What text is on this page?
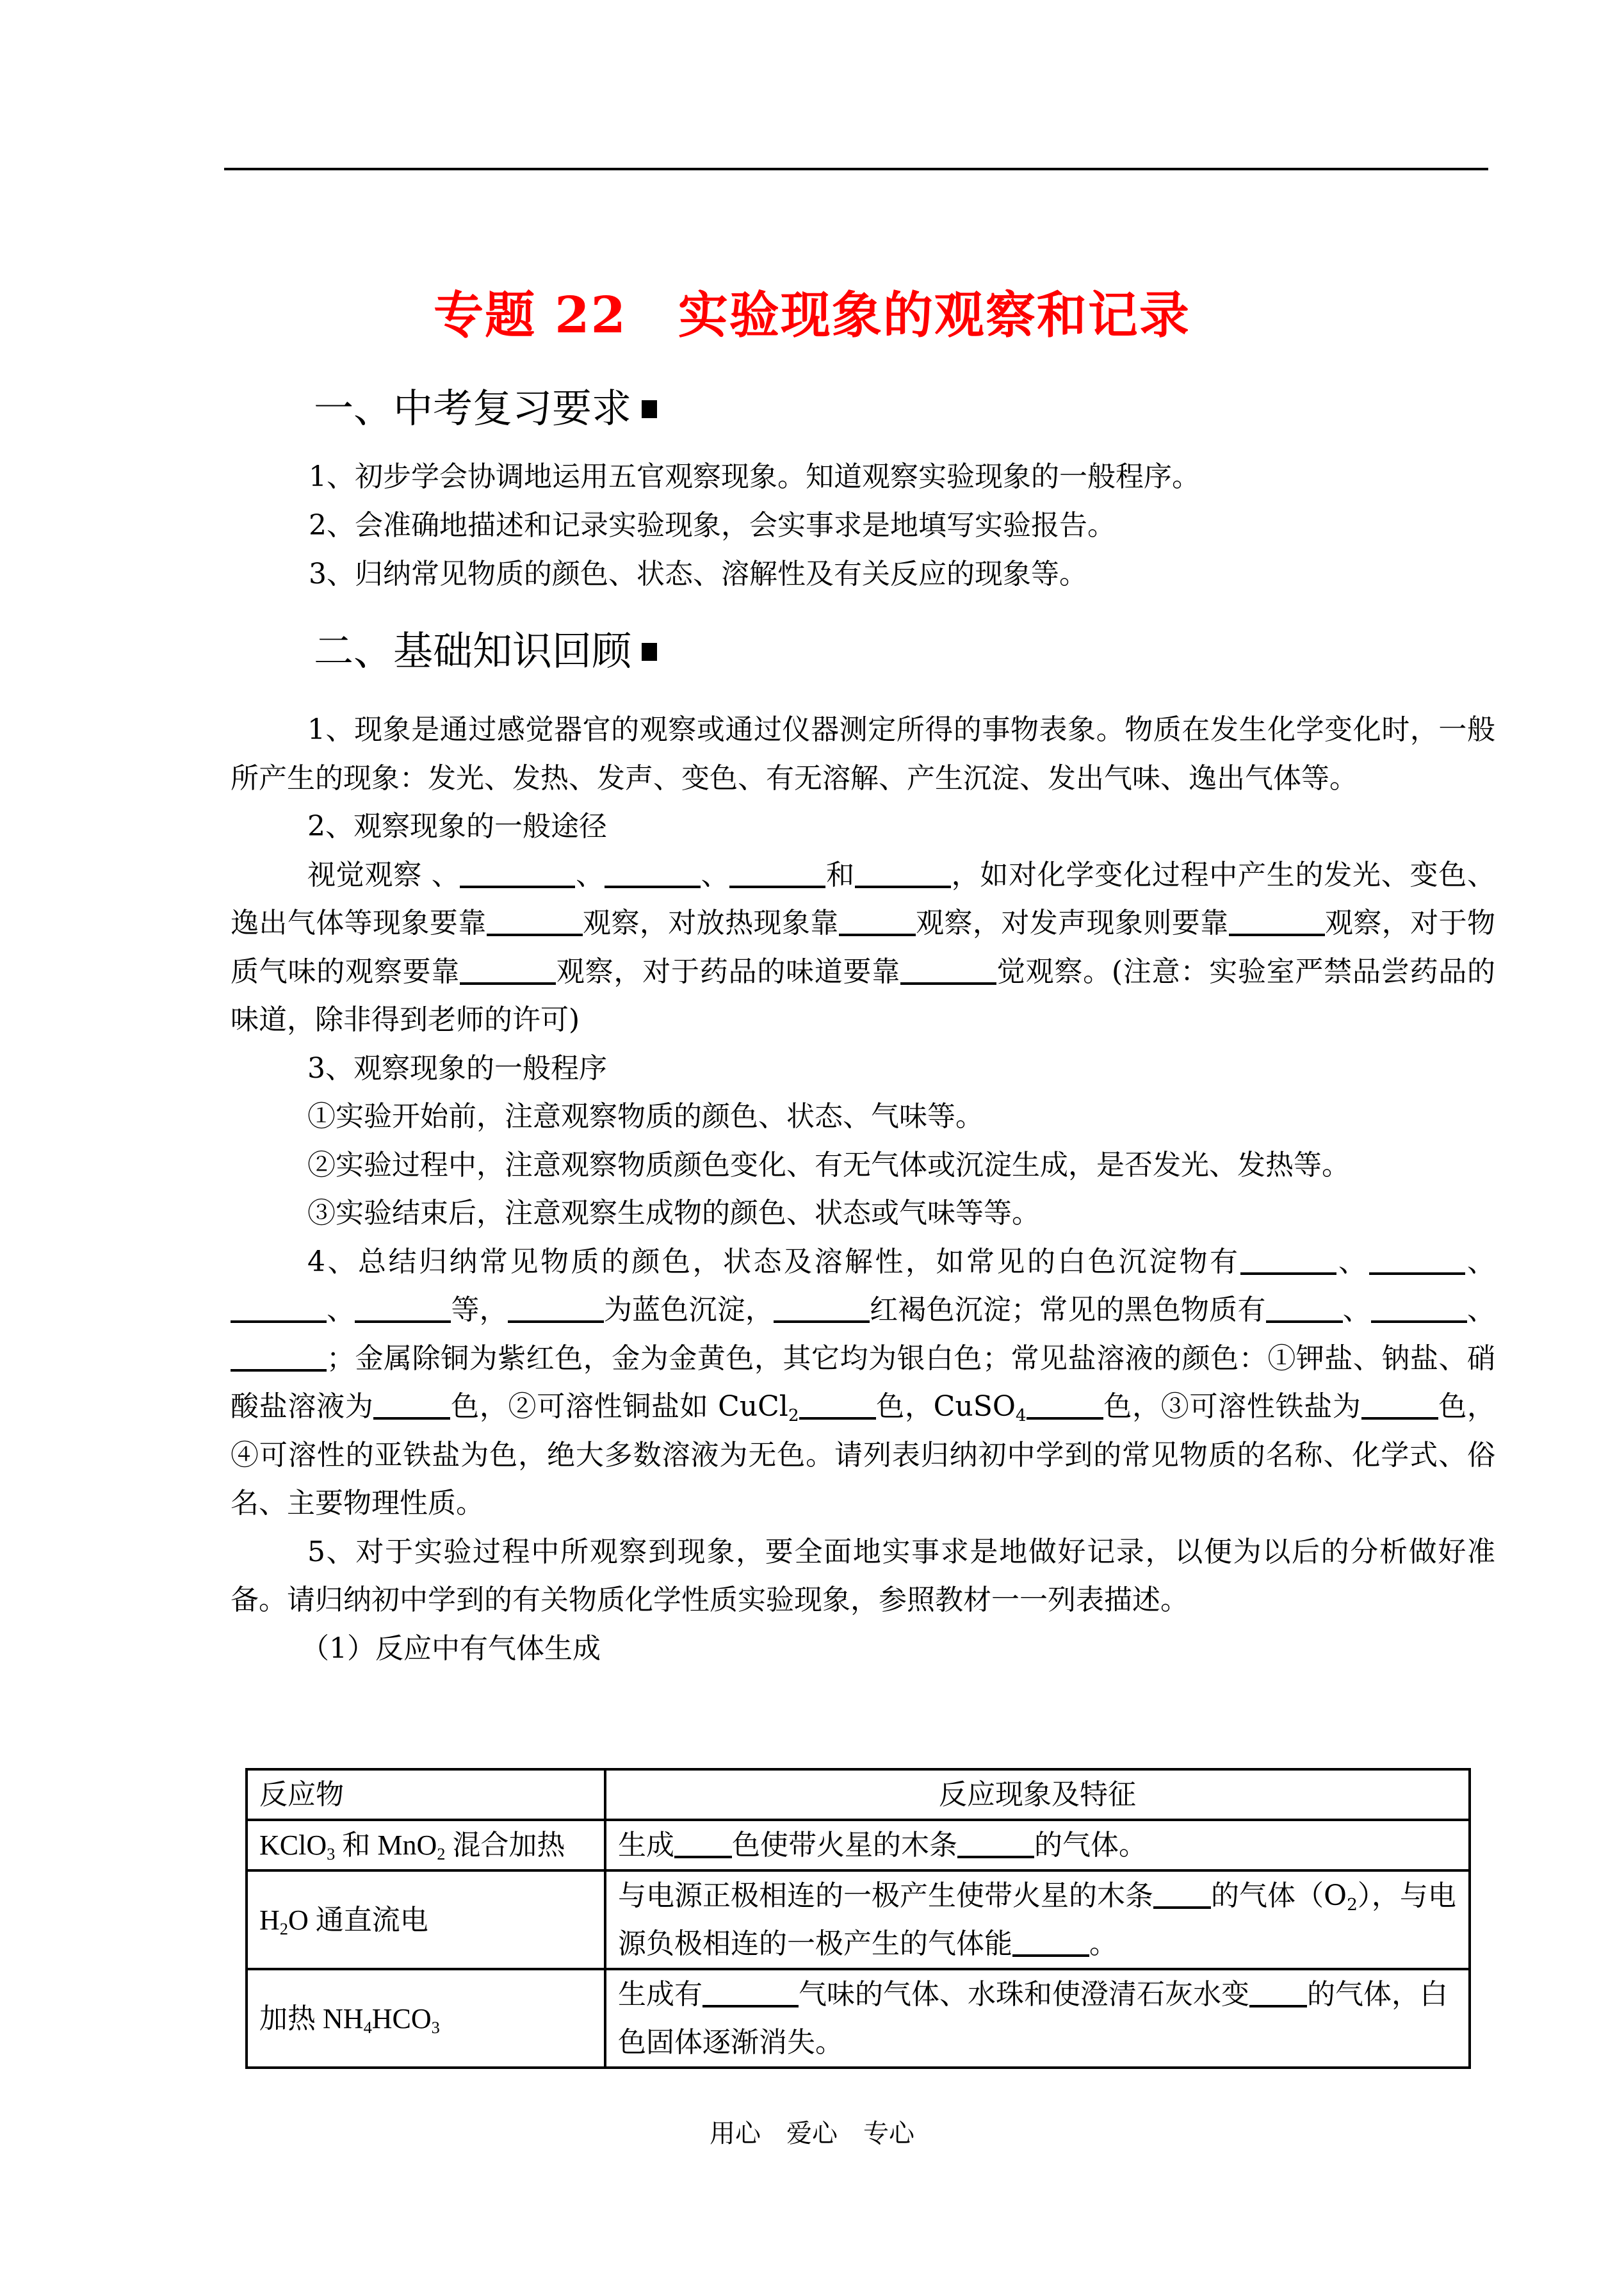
专题 22　实验现象的观察和记录
一、中考复习要求
1、初步学会协调地运用五官观察现象。知道观察实验现象的一般程序。
2、会准确地描述和记录实验现象，会实事求是地填写实验报告。
3、归纳常见物质的颜色、状态、溶解性及有关反应的现象等。
二、基础知识回顾

1、现象是通过感觉器官的观察或通过仪器测定所得的事物表象。物质在发生化学变化时，一般所产生的现象：发光、发热、发声、变色、有无溶解、产生沉淀、发出气味、逸出气体等。

2、观察现象的一般途径

视觉观察 、	、	、	和	，如对化学变化过程中产生的发光、变色、逸出气体等现象要靠	观察，对放热现象靠	观察，对发声现象则要靠	观察，对于物质气味的观察要靠	观察，对于药品的味道要靠	觉观察。(注意：实验室严禁品尝药品的味道，除非得到老师的许可)

3、观察现象的一般程序

①实验开始前，注意观察物质的颜色、状态、气味等。

②实验过程中，注意观察物质颜色变化、有无气体或沉淀生成，是否发光、发热等。

③实验结束后，注意观察生成物的颜色、状态或气味等等。

4、总结归纳常见物质的颜色，状态及溶解性，如常见的白色沉淀物有	、	、、	等，	为蓝色沉淀，	红褐色沉淀；常见的黑色物质有	、	、；金属除铜为紫红色，金为金黄色，其它均为银白色；常见盐溶液的颜色：①钾盐、钠盐、硝酸盐溶液为	色，②可溶性铜盐如 CuCl$_2$	色，CuSO$_4$	色，③可溶性铁盐为	色，④可溶性的亚铁盐为色，绝大多数溶液为无色。请列表归纳初中学到的常见物质的名称、化学式、俗名、主要物理性质。

5、对于实验过程中所观察到现象，要全面地实事求是地做好记录，以便为以后的分析做好准备。请归纳初中学到的有关物质化学性质实验现象，参照教材一一列表描述。

（1）反应中有气体生成

反应物	反应现象及特征
KClO$_3$ 和 MnO$_2$ 混合加热	生成 色使带火星的木条 的气体。
$H_2O$ 通直流电	与电源正极相连的一极产生使带火星的木条 的气体$(O_2)$，与电源负极相连的一极产生的气体能 。
加热 $NH_4HCO_3$	生成有 气味的气体、水珠和使澄清石灰水变 的气体，白色固体逐渐消失。
用心　爱心　专心
